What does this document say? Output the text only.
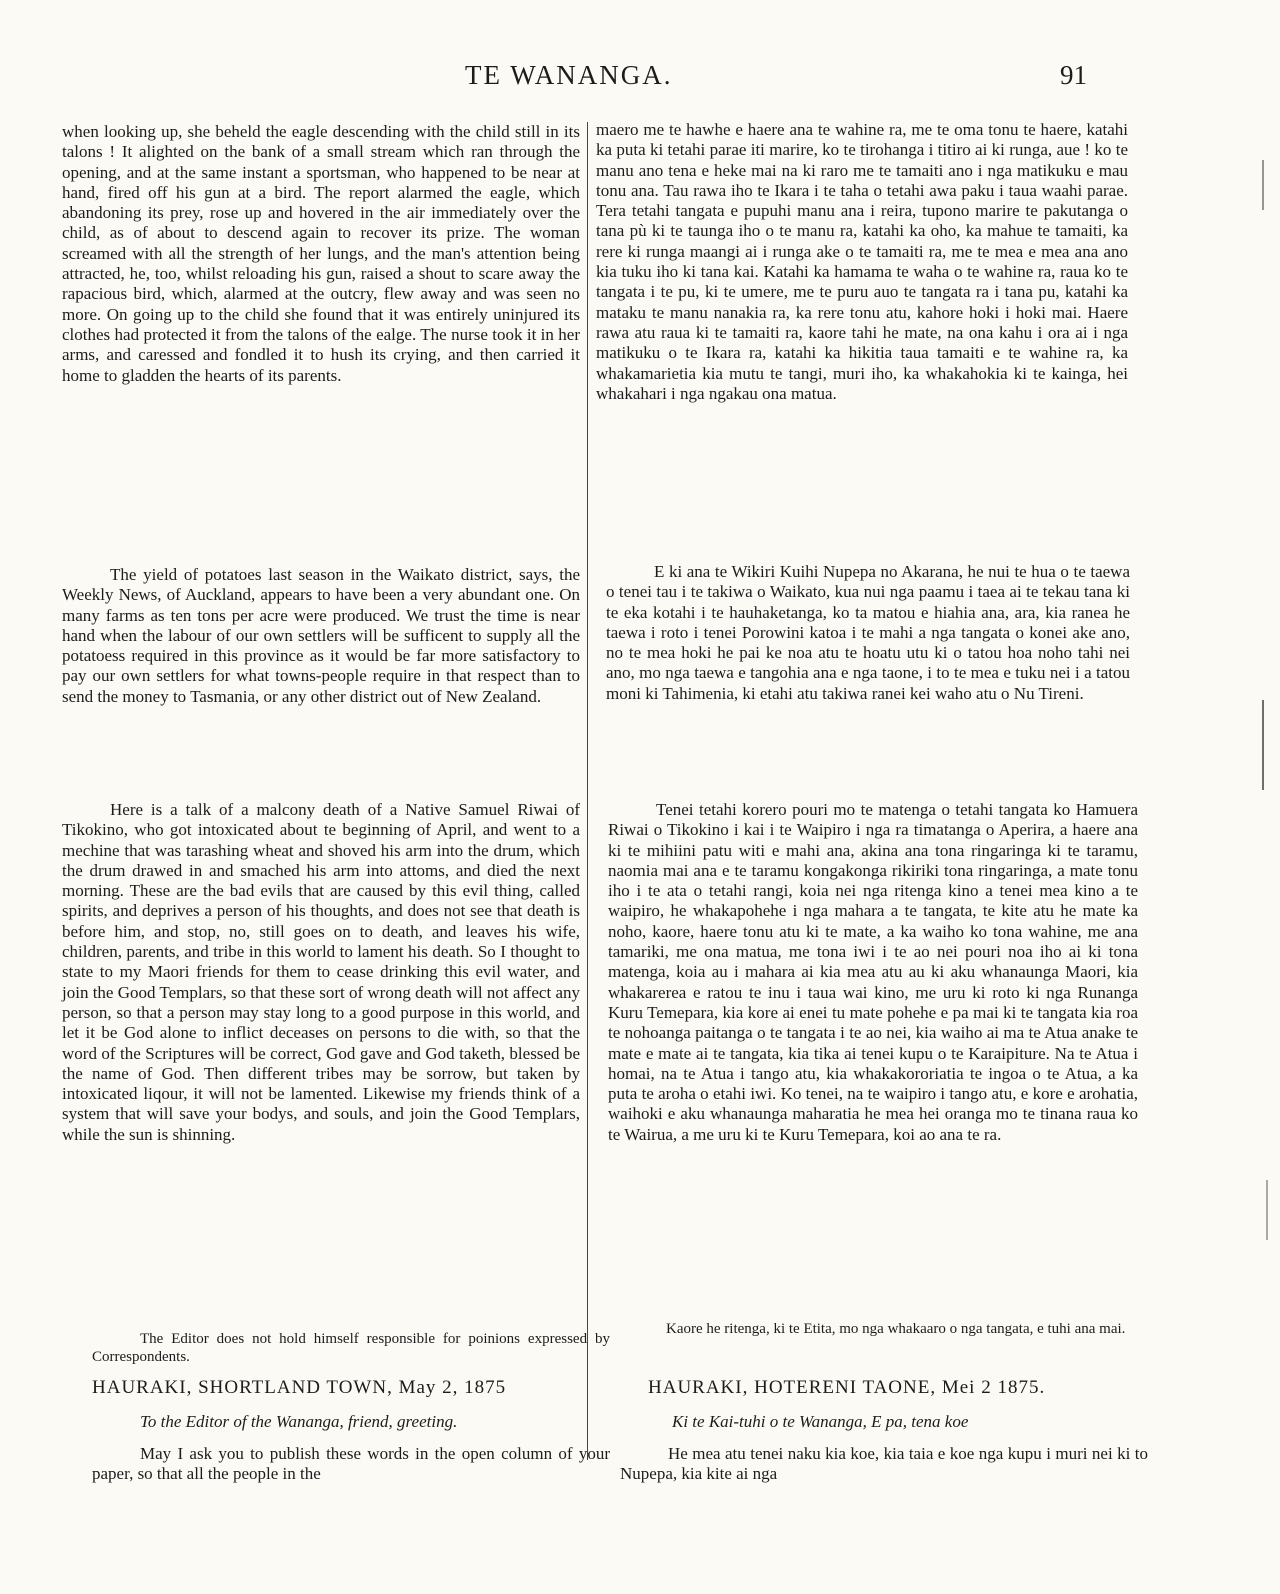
TE WANANGA.	91

when looking up, she beheld the eagle descending with the child still in its talons ! It alighted on the bank of a small stream which ran through the opening, and at the same instant a sportsman, who happened to be near at hand, fired off his gun at a bird. The report alarmed the eagle, which abandoning its prey, rose up and hovered in the air immediately over the child, as of about to descend again to recover its prize. The woman screamed with all the strength of her lungs, and the man's attention being attracted, he, too, whilst reloading his gun, raised a shout to scare away the rapacious bird, which, alarmed at the outcry, flew away and was seen no more. On going up to the child she found that it was entirely uninjured its clothes had protected it from the talons of the ealge. The nurse took it in her arms, and caressed and fondled it to hush its crying, and then carried it home to gladden the hearts of its parents.

The yield of potatoes last season in the Waikato district, says, the Weekly News, of Auckland, appears to have been a very abundant one. On many farms as ten tons per acre were produced. We trust the time is near hand when the labour of our own settlers will be sufficent to supply all the potatoess required in this province as it would be far more satisfactory to pay our own settlers for what towns-people require in that respect than to send the money to Tasmania, or any other district out of New Zealand.

Here is a talk of a malcony death of a Native Samuel Riwai of Tikokino, who got intoxicated about te beginning of April, and went to a mechine that was tarashing wheat and shoved his arm into the drum, which the drum drawed in and smached his arm into attoms, and died the next morning. These are the bad evils that are caused by this evil thing, called spirits, and deprives a person of his thoughts, and does not see that death is before him, and stop, no, still goes on to death, and leaves his wife, children, parents, and tribe in this world to lament his death. So I thought to state to my Maori friends for them to cease drinking this evil water, and join the Good Templars, so that these sort of wrong death will not affect any person, so that a person may stay long to a good purpose in this world, and let it be God alone to inflict deceases on persons to die with, so that the word of the Scriptures will be correct, God gave and God taketh, blessed be the name of God. Then different tribes may be sorrow, but taken by intoxicated liqour, it will not be lamented. Likewise my friends think of a system that will save your bodys, and souls, and join the Good Templars, while the sun is shinning.

The Editor does not hold himself responsible for poinions expressed by Correspondents.

HAURAKI, SHORTLAND TOWN, May 2, 1875
To the Editor of the Wananga, friend, greeting.

May I ask you to publish these words in the open column of your paper, so that all the people in the

maero me te hawhe e haere ana te wahine ra, me te oma tonu te haere, katahi ka puta ki tetahi parae iti marire, ko te tirohanga i titiro ai ki runga, aue ! ko te manu ano tena e heke mai na ki raro me te tamaiti ano i nga matikuku e mau tonu ana. Tau rawa iho te Ikara i te taha o tetahi awa paku i taua waahi parae. Tera tetahi tangata e pupuhi manu ana i reira, tupono marire te pakutanga o tana pù ki te taunga iho o te manu ra, katahi ka oho, ka mahue te tamaiti, ka rere ki runga maangi ai i runga ake o te tamaiti ra, me te mea e mea ana ano kia tuku iho ki tana kai. Katahi ka hamama te waha o te wahine ra, raua ko te tangata i te pu, ki te umere, me te puru auo te tangata ra i tana pu, katahi ka mataku te manu nanakia ra, ka rere tonu atu, kahore hoki i hoki mai. Haere rawa atu raua ki te tamaiti ra, kaore tahi he mate, na ona kahu i ora ai i nga matikuku o te Ikara ra, katahi ka hikitia taua tamaiti e te wahine ra, ka whakamarietia kia mutu te tangi, muri iho, ka whakahokia ki te kainga, hei whakahari i nga ngakau ona matua.

E ki ana te Wikiri Kuihi Nupepa no Akarana, he nui te hua o te taewa o tenei tau i te takiwa o Waikato, kua nui nga paamu i taea ai te tekau tana ki te eka kotahi i te hauhaketanga, ko ta matou e hiahia ana, ara, kia ranea he taewa i roto i tenei Porowini katoa i te mahi a nga tangata o konei ake ano, no te mea hoki he pai ke noa atu te hoatu utu ki o tatou hoa noho tahi nei ano, mo nga taewa e tangohia ana e nga taone, i to te mea e tuku nei i a tatou moni ki Tahimenia, ki etahi atu takiwa ranei kei waho atu o Nu Tireni.

Tenei tetahi korero pouri mo te matenga o tetahi tangata ko Hamuera Riwai o Tikokino i kai i te Waipiro i nga ra timatanga o Aperira, a haere ana ki te mihiini patu witi e mahi ana, akina ana tona ringaringa ki te taramu, naomia mai ana e te taramu kongakonga rikiriki tona ringaringa, a mate tonu iho i te ata o tetahi rangi, koia nei nga ritenga kino a tenei mea kino a te waipiro, he whakapohehe i nga mahara a te tangata, te kite atu he mate ka noho, kaore, haere tonu atu ki te mate, a ka waiho ko tona wahine, me ana tamariki, me ona matua, me tona iwi i te ao nei pouri noa iho ai ki tona matenga, koia au i mahara ai kia mea atu au ki aku whanaunga Maori, kia whakarerea e ratou te inu i taua wai kino, me uru ki roto ki nga Runanga Kuru Temepara, kia kore ai enei tu mate pohehe e pa mai ki te tangata kia roa te nohoanga paitanga o te tangata i te ao nei, kia waiho ai ma te Atua anake te mate e mate ai te tangata, kia tika ai tenei kupu o te Karaipiture. Na te Atua i homai, na te Atua i tango atu, kia whakakororiatia te ingoa o te Atua, a ka puta te aroha o etahi iwi. Ko tenei, na te waipiro i tango atu, e kore e arohatia, waihoki e aku whanaunga maharatia he mea hei oranga mo te tinana raua ko te Wairua, a me uru ki te Kuru Temepara, koi ao ana te ra.

Kaore he ritenga, ki te Etita, mo nga whakaaro o nga tangata, e tuhi ana mai.

HAURAKI, HOTERENI TAONE, Mei 2 1875.
Ki te Kai-tuhi o te Wananga, E pa, tena koe

He mea atu tenei naku kia koe, kia taia e koe nga kupu i muri nei ki to Nupepa, kia kite ai nga
